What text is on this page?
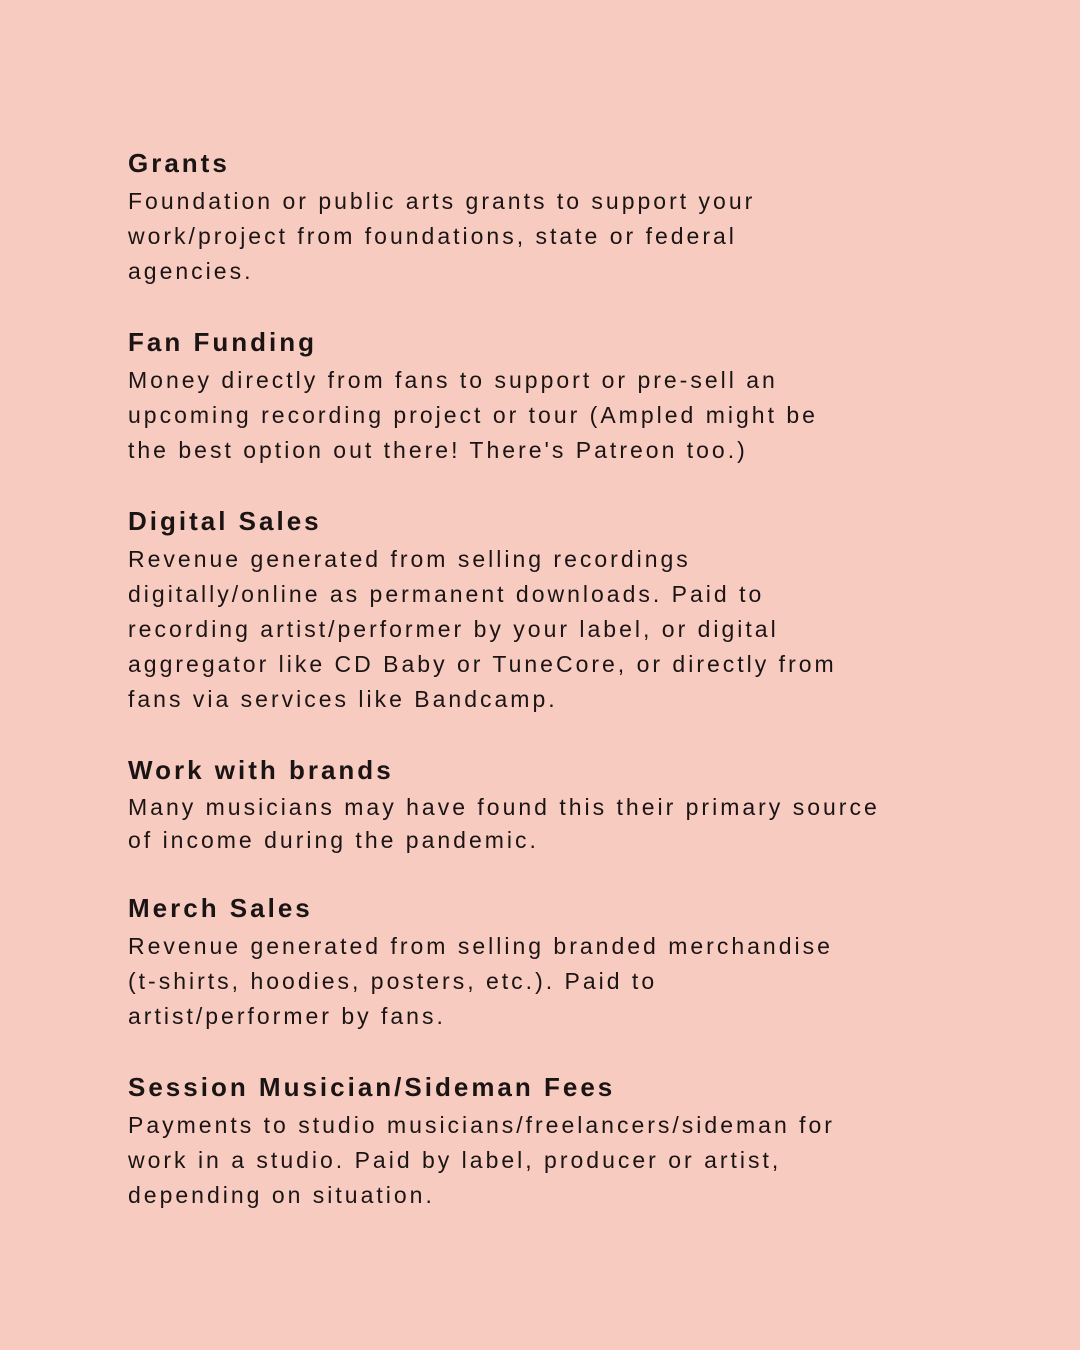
Grants

Foundation or public arts grants to support your
work/project from foundations, state or federal
agencies.

Fan Funding

Money directly from fans to support or pre-sell an
upcoming recording project or tour (Ampled might be
the best option out there! There's Patreon too.)

Digital Sales

Revenue generated from selling recordings
digitally/online as permanent downloads. Paid to
recording artist/performer by your label, or digital
aggregator like CD Baby or TuneCore, or directly from
fans via services like Bandcamp.

Work with brands

Many musicians may have found this their primary source
of income during the pandemic.

Merch Sales

Revenue generated from selling branded merchandise
(t-shirts, hoodies, posters, etc.). Paid to
artist/performer by fans.

Session Musician/Sideman Fees

Payments to studio musicians/freelancers/sideman for
work in a studio. Paid by label, producer or artist,
depending on situation.
